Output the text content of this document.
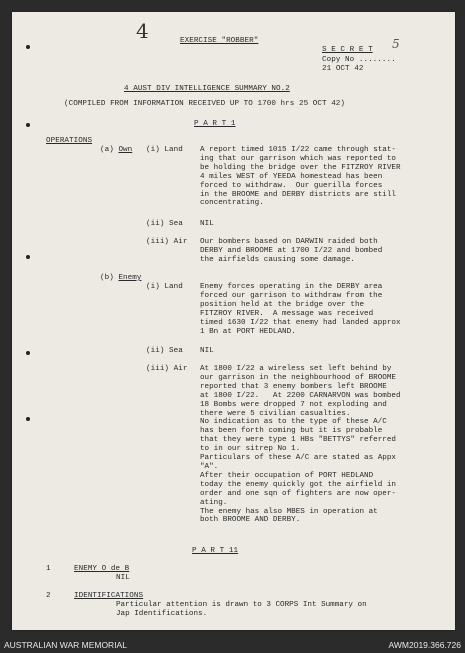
4	EXERCISE "ROBBER"
S E C R E T 5
Copy No ........
21 OCT 42
4 AUST DIV INTELLIGENCE SUMMARY NO.2
(COMPILED FROM INFORMATION RECEIVED UP TO 1700 hrs 25 OCT 42)
P A R T 1
OPERATIONS
(a) Own (i) Land A report timed 1015 I/22 came through stat-
ing that our garrison which was reported to
be holding the bridge over the FITZROY RIVER
4 miles WEST of YEEDA homestead has been
forced to withdraw.  Our guerilla forces
in the BROOME and DERBY districts are still
concentrating.
(ii) Sea NIL
(iii) Air Our bombers based on DARWIN raided both
DERBY and BROOME at 1700 I/22 and bombed
the airfields causing some damage.
(b) Enemy
(i) Land Enemy forces operating in the DERBY area
forced our garrison to withdraw from the
position held at the bridge over the
FITZROY RIVER.  A message was received
timed 1630 I/22 that enemy had landed approx
1 Bn at PORT HEDLAND.
(ii) Sea NIL
(iii) Air At 1800 I/22 a wireless set left behind by
our garrison in the neighbourhood of BROOME
reported that 3 enemy bombers left BROOME
at 1800 I/22.   At 2200 CARNARVON was bombed
18 Bombs were dropped 7 not exploding and
there were 5 civilian casualties.
No indication as to the type of these A/C
has been forth coming but it is probable
that they were type 1 HBs "BETTYS" referred
to in our sitrep No 1.
Particulars of these A/C are stated as Appx
"A".
After their occupation of PORT HEDLAND
today the enemy quickly got the airfield in
order and one sqn of fighters are now oper-
ating.
The enemy has also MBES in operation at
both BROOME AND DERBY.
P A R T 11
1	ENEMY O de B
NIL
2	IDENTIFICATIONS
Particular attention is drawn to 3 CORPS Int Summary on
Jap Identifications.
AUSTRALIAN WAR MEMORIAL	AWM2019.366.726
